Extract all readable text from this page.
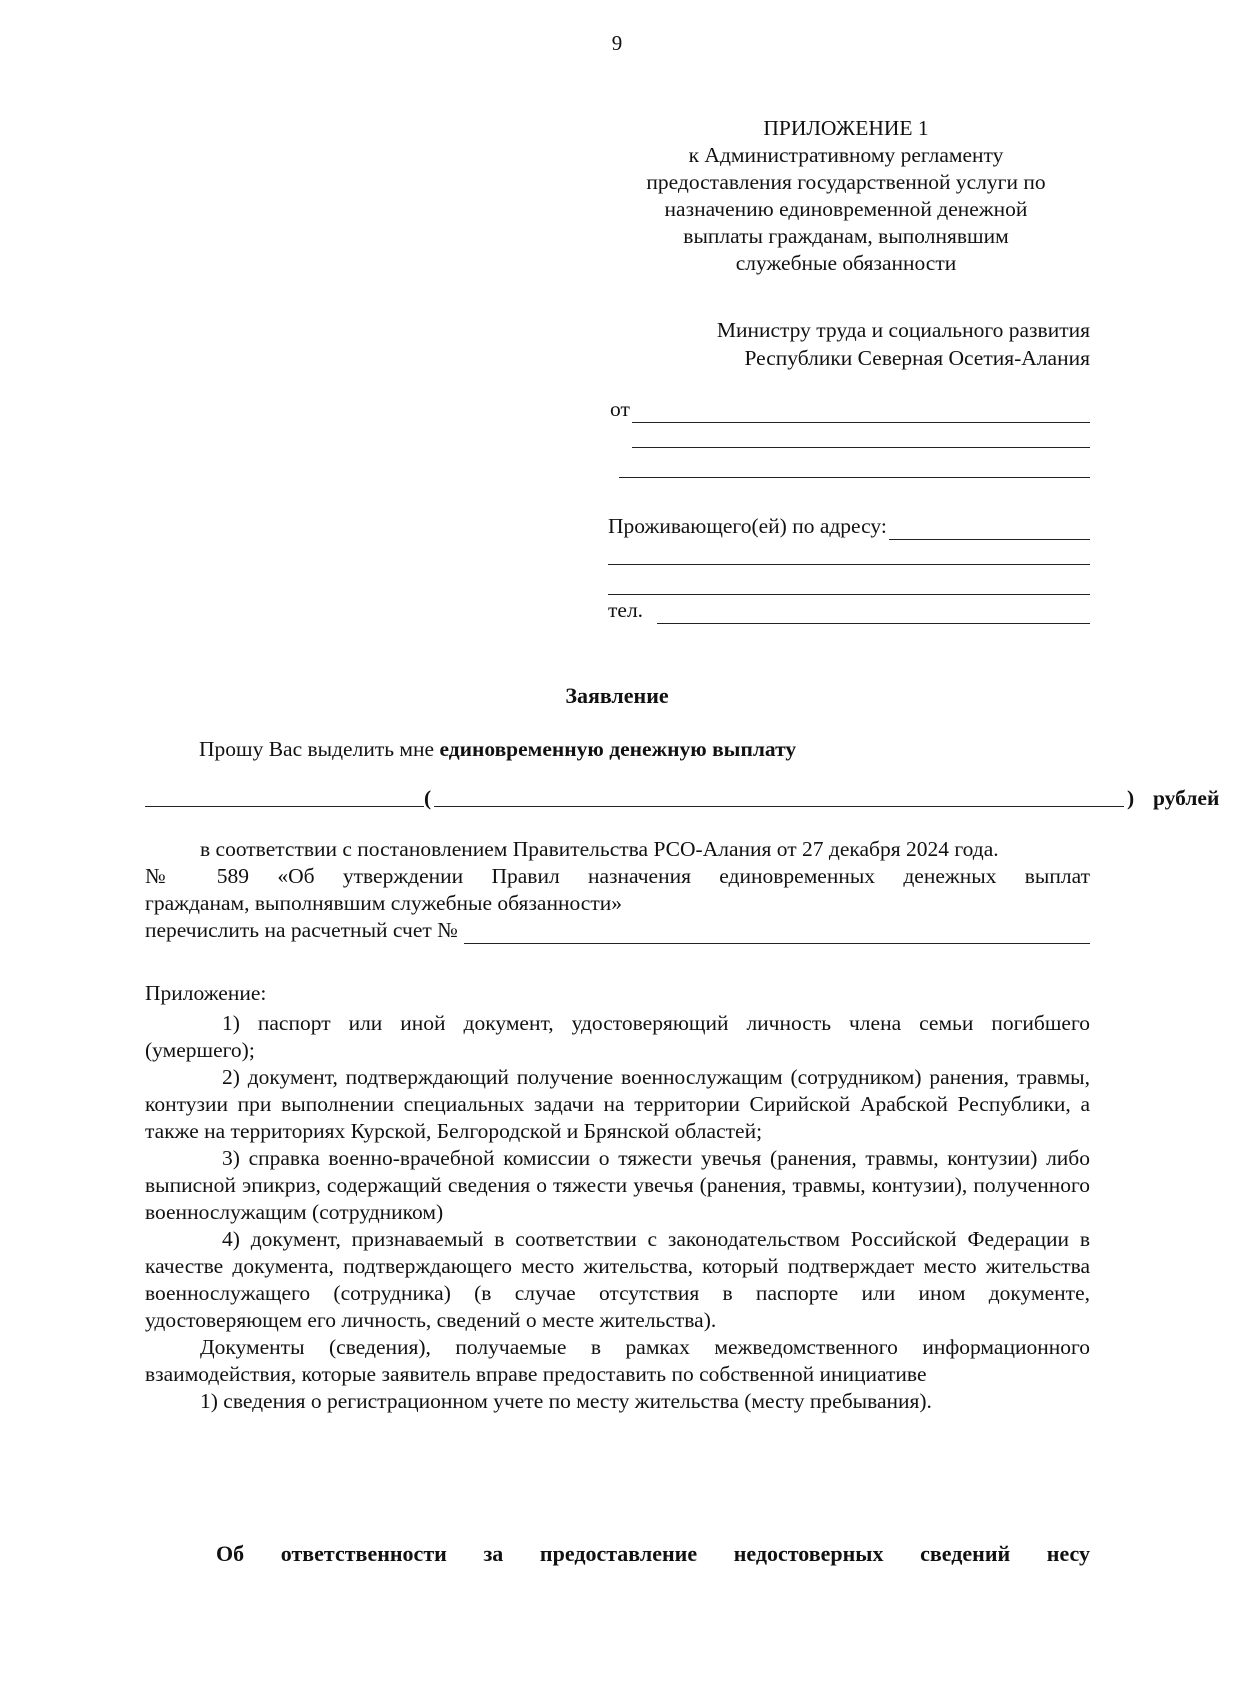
9
ПРИЛОЖЕНИЕ 1
к Административному регламенту
предоставления государственной услуги по
назначению единовременной денежной
выплаты гражданам, выполнявшим
служебные обязанности
Министру труда и социального развития
Республики Северная Осетия-Алания
от
Проживающего(ей) по адресу:
тел.
Заявление
Прошу Вас выделить мне единовременную денежную выплату
(	) рублей

в соответствии с постановлением Правительства РСО-Алания от 27 декабря 2024 года.

№ 589 «Об утверждении Правил назначения единовременных денежных выплат

гражданам, выполнявшим служебные обязанности»

перечислить на расчетный счет №

Приложение:

1) паспорт или иной документ, удостоверяющий личность члена семьи погибшего (умершего);

2) документ, подтверждающий получение военнослужащим (сотрудником) ранения, травмы, контузии при выполнении специальных задачи на территории Сирийской Арабской Республики, а также на территориях Курской, Белгородской и Брянской областей;

3) справка военно-врачебной комиссии о тяжести увечья (ранения, травмы, контузии) либо выписной эпикриз, содержащий сведения о тяжести увечья (ранения, травмы, контузии), полученного военнослужащим (сотрудником)

4) документ, признаваемый в соответствии с законодательством Российской Федерации в качестве документа, подтверждающего место жительства, который подтверждает место жительства военнослужащего (сотрудника) (в случае отсутствия в паспорте или ином документе, удостоверяющем его личность, сведений о месте жительства).

Документы (сведения), получаемые в рамках межведомственного информационного взаимодействия, которые заявитель вправе предоставить по собственной инициативе

1) сведения о регистрационном учете по месту жительства (месту пребывания).

Об ответственности за предоставление недостоверных сведений несу
